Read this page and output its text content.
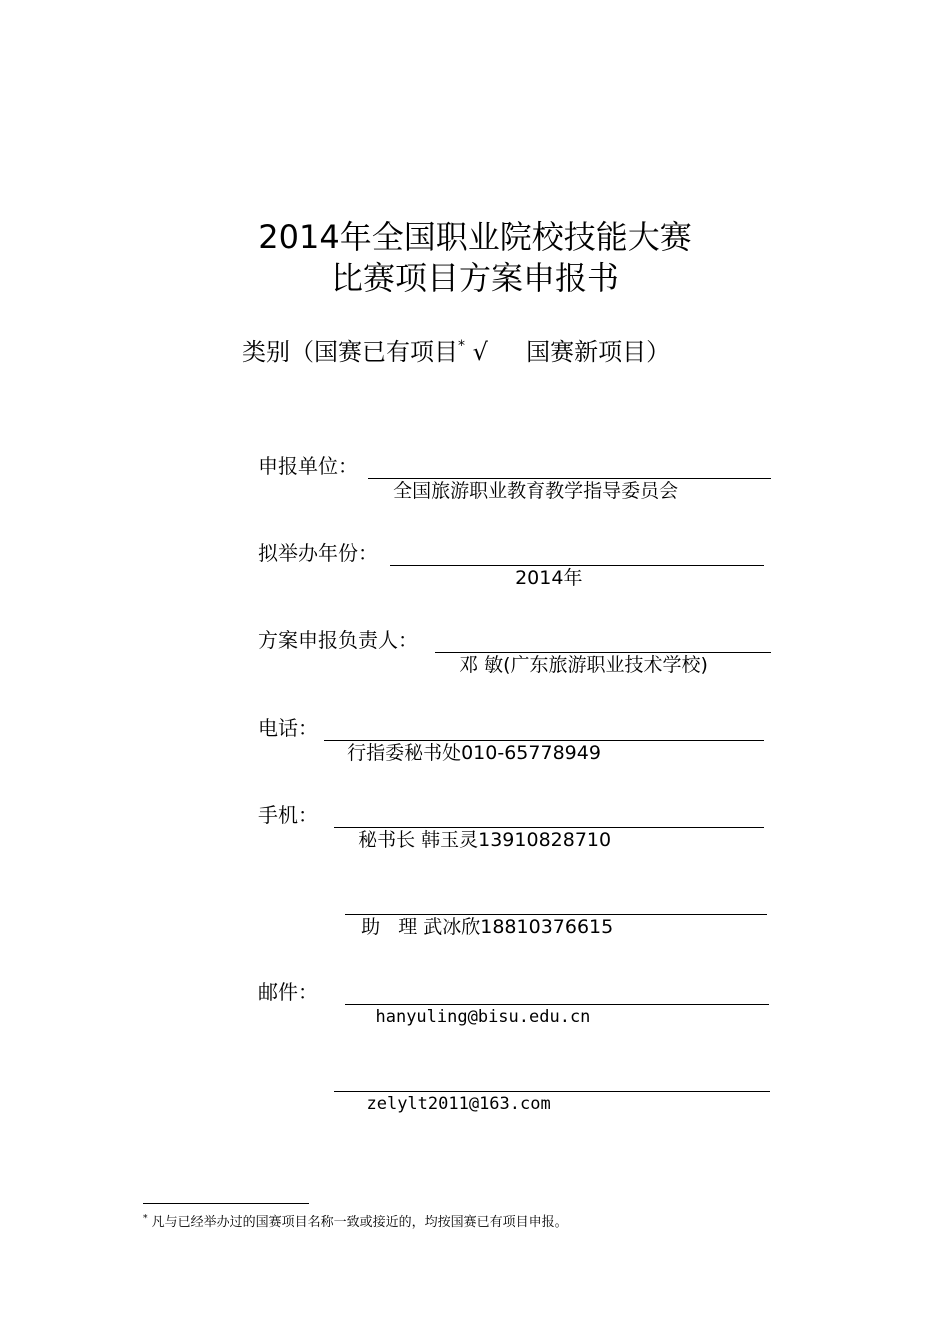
2014年全国职业院校技能大赛
比赛项目方案申报书
类别（国赛已有项目* √     国赛新项目）
申报单位：

全国旅游职业教育教学指导委员会

拟举办年份：

2014年

方案申报负责人：

邓 敏(广东旅游职业技术学校)

电话：

行指委秘书处010-65778949

手机：

秘书长 韩玉灵13910828710

助   理 武冰欣18810376615

邮件：

hanyuling@bisu.edu.cn

zelylt2011@163.com

* 凡与已经举办过的国赛项目名称一致或接近的，均按国赛已有项目申报。
